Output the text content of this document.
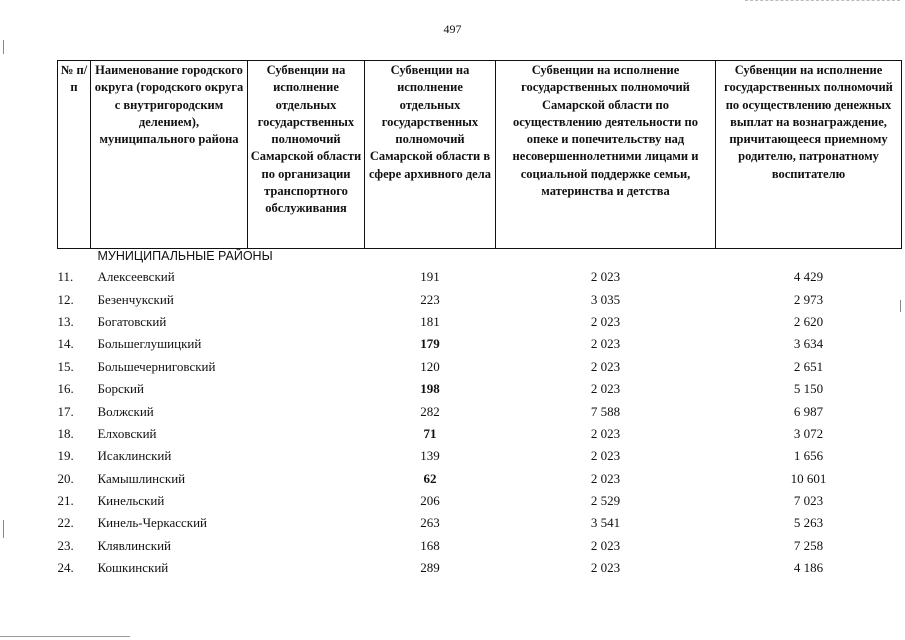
497
№ п/п	Наименование городского округа (городского округа с внутригородским делением), муниципального района	Субвенции на исполнение отдельных государственных полномочий Самарской области по организации транспортного обслуживания	Субвенции на исполнение отдельных государственных полномочий Самарской области в сфере архивного дела	Субвенции на исполнение государственных полномочий Самарской области по осуществлению деятельности по опеке и попечительству над несовершеннолетними лицами и социальной поддержке семьи, материнства и детства	Субвенции на исполнение государственных полномочий по осуществлению денежных выплат на вознаграждение, причитающееся приемному родителю, патронатному воспитателю
МУНИЦИПАЛЬНЫЕ РАЙОНЫ					
11.	Алексеевский		191	2 023	4 429
12.	Безенчукский		223	3 035	2 973
13.	Богатовский		181	2 023	2 620
14.	Большеглушицкий		179	2 023	3 634
15.	Большечерниговский		120	2 023	2 651
16.	Борский		198	2 023	5 150
17.	Волжский		282	7 588	6 987
18.	Елховский		71	2 023	3 072
19.	Исаклинский		139	2 023	1 656
20.	Камышлинский		62	2 023	10 601
21.	Кинельский		206	2 529	7 023
22.	Кинель-Черкасский		263	3 541	5 263
23.	Клявлинский		168	2 023	7 258
24.	Кошкинский		289	2 023	4 186
